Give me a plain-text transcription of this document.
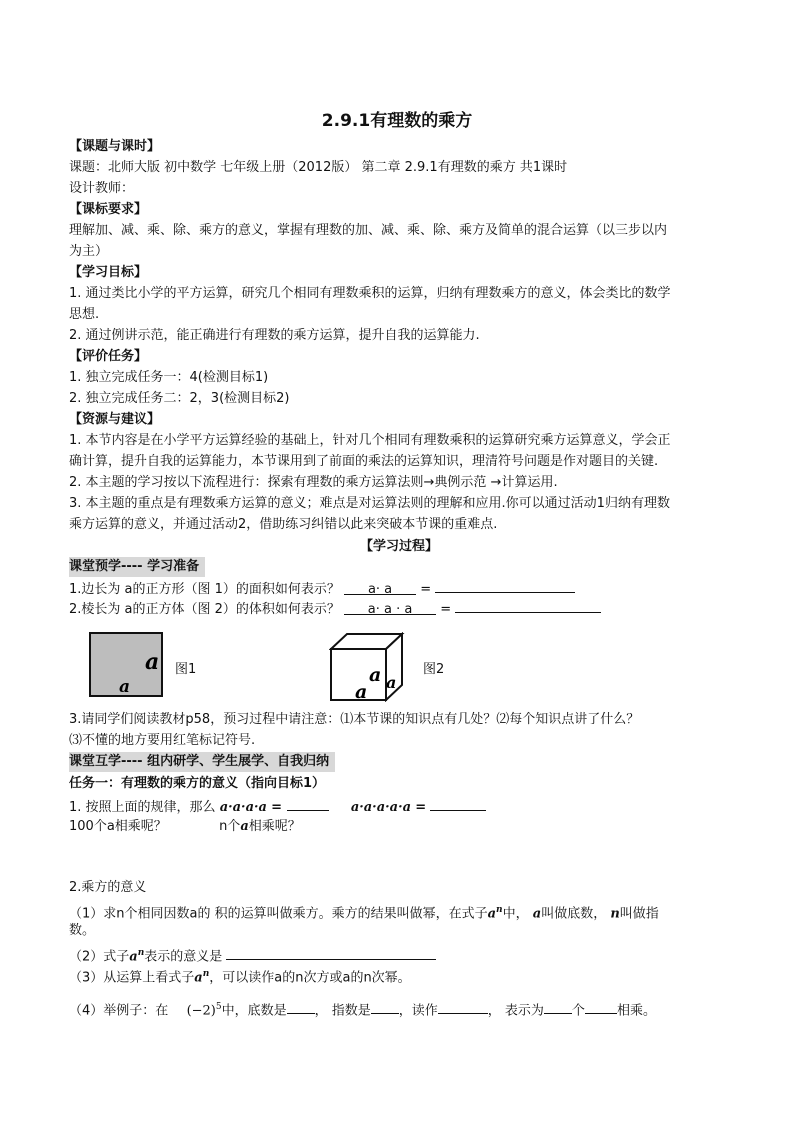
2.9.1有理数的乘方
【课题与课时】
课题：北师大版 初中数学 七年级上册（2012版） 第二章 2.9.1有理数的乘方 共1课时
设计教师：
【课标要求】
理解加、减、乘、除、乘方的意义，掌握有理数的加、减、乘、除、乘方及简单的混合运算（以三步以内
为主）
【学习目标】
1. 通过类比小学的平方运算，研究几个相同有理数乘积的运算，归纳有理数乘方的意义，体会类比的数学
思想.
2. 通过例讲示范，能正确进行有理数的乘方运算，提升自我的运算能力.
【评价任务】
1. 独立完成任务一：4(检测目标1)
2. 独立完成任务二：2，3(检测目标2)
【资源与建议】
1. 本节内容是在小学平方运算经验的基础上，针对几个相同有理数乘积的运算研究乘方运算意义，学会正
确计算，提升自我的运算能力，本节课用到了前面的乘法的运算知识，理清符号问题是作对题目的关键.
2. 本主题的学习按以下流程进行：探索有理数的乘方运算法则→典例示范 →计算运用.
3. 本主题的重点是有理数乘方运算的意义；难点是对运算法则的理解和应用.你可以通过活动1归纳有理数
乘方运算的意义，并通过活动2，借助练习纠错以此来突破本节课的重难点.
【学习过程】
课堂预学---- 学习准备
1.边长为 a的正方形（图 1）的面积如何表示？ a· a =
2.棱长为 a的正方体（图 2）的体积如何表示？ a· a · a =
a
a
图1	a a
a
图2
3.请同学们阅读教材p58，预习过程中请注意：⑴本节课的知识点有几处？⑵每个知识点讲了什么？
⑶不懂的地方要用红笔标记符号.
课堂互学---- 组内研学、学生展学、自我归纳
任务一：有理数的乘方的意义（指向目标1）
1. 按照上面的规律，那么 a·a·a·a =	a·a·a·a·a =
100个a相乘呢？	n个a相乘呢？
2.乘方的意义
（1）求n个相同因数a的 积的运算叫做乘方。乘方的结果叫做幂，在式子$a^n$中， a叫做底数， n叫做指
数。
（2）式子$a^n$表示的意义是
（3）从运算上看式子$a^n$，可以读作a的n次方或a的n次幂。
（4）举例子：在 $(-2)^5$中，底数是 ， 指数是 ，读作	， 表示为 个 相乘。
